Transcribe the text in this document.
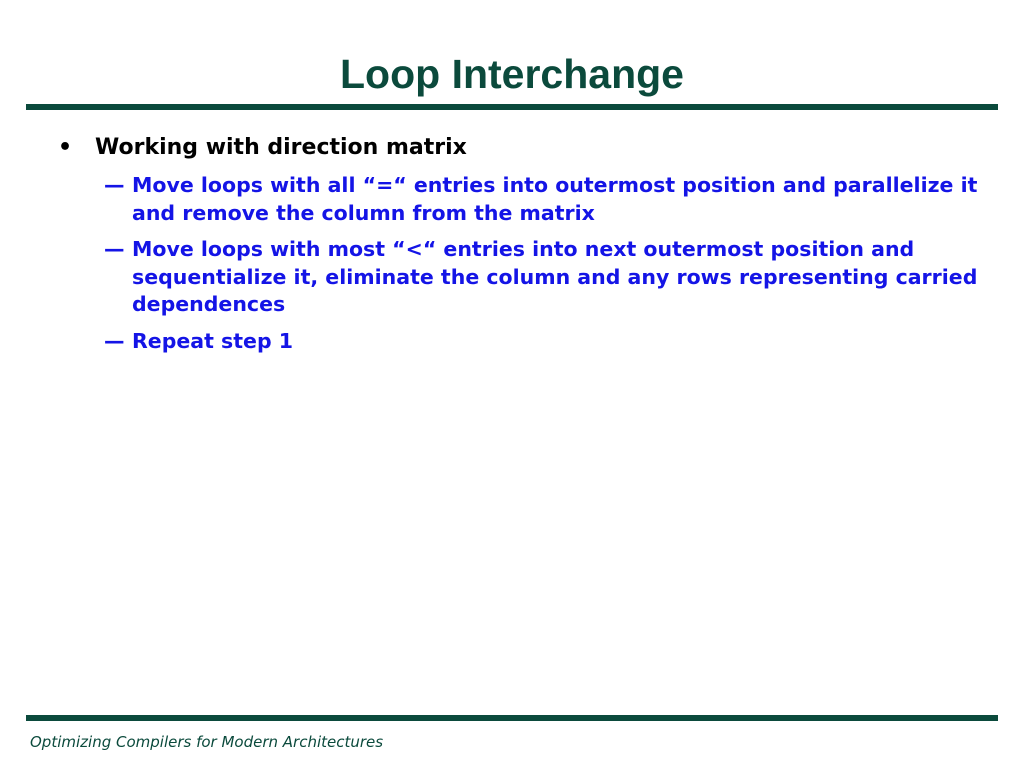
Loop Interchange
• Working with direction matrix
— Move loops with all “=“ entries into outermost position and parallelize it and remove the column from the matrix
— Move loops with most “<“ entries into next outermost position and sequentialize it, eliminate the column and any rows representing carried dependences
— Repeat step 1
Optimizing Compilers for Modern Architectures
